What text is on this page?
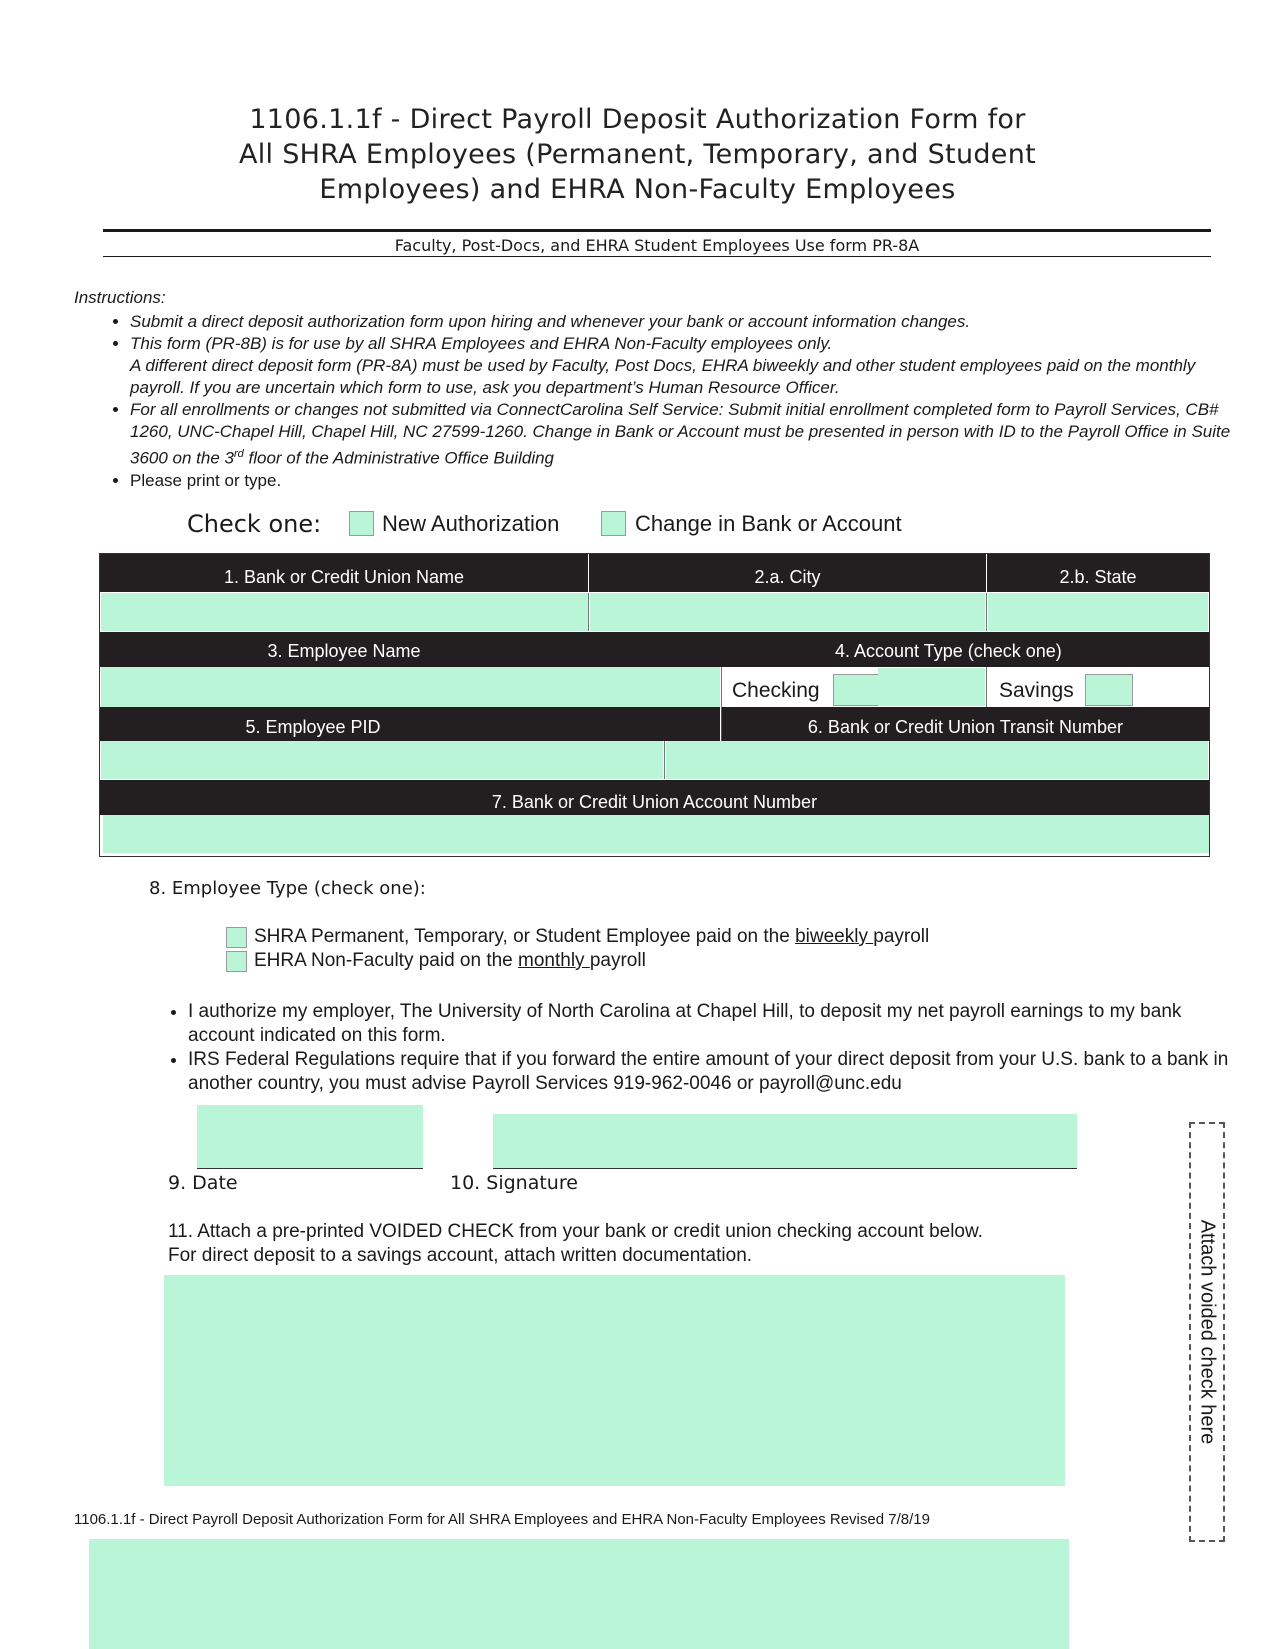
1106.1.1f - Direct Payroll Deposit Authorization Form for
All SHRA Employees (Permanent, Temporary, and Student
Employees) and EHRA Non-Faculty Employees
Faculty, Post-Docs, and EHRA Student Employees Use form PR-8A
Instructions:
• Submit a direct deposit authorization form upon hiring and whenever your bank or account information changes.
• This form (PR-8B) is for use by all SHRA Employees and EHRA Non-Faculty employees only.
A different direct deposit form (PR-8A) must be used by Faculty, Post Docs, EHRA biweekly and other student employees paid on the monthly payroll. If you are uncertain which form to use, ask you department’s Human Resource Officer.
• For all enrollments or changes not submitted via ConnectCarolina Self Service: Submit initial enrollment completed form to Payroll Services, CB# 1260, UNC-Chapel Hill, Chapel Hill, NC 27599-1260. Change in Bank or Account must be presented in person with ID to the Payroll Office in Suite 3600 on the 3rd floor of the Administrative Office Building
• Please print or type.
Check one:	New Authorization	Change in Bank or Account
1. Bank or Credit Union Name	2.a. City	2.b. State
3. Employee Name	4. Account Type (check one)
Checking	Savings
5. Employee PID	6. Bank or Credit Union Transit Number
7. Bank or Credit Union Account Number
8. Employee Type (check one):
SHRA Permanent, Temporary, or Student Employee paid on the biweekly payroll
EHRA Non-Faculty paid on the monthly payroll
• I authorize my employer, The University of North Carolina at Chapel Hill, to deposit my net payroll earnings to my bank account indicated on this form.
• IRS Federal Regulations require that if you forward the entire amount of your direct deposit from your U.S. bank to a bank in another country, you must advise Payroll Services 919-962-0046 or payroll@unc.edu
9. Date	10. Signature
11. Attach a pre-printed VOIDED CHECK from your bank or credit union checking account below. For direct deposit to a savings account, attach written documentation.	Attach voided check here
1106.1.1f - Direct Payroll Deposit Authorization Form for All SHRA Employees and EHRA Non-Faculty Employees Revised 7/8/19
